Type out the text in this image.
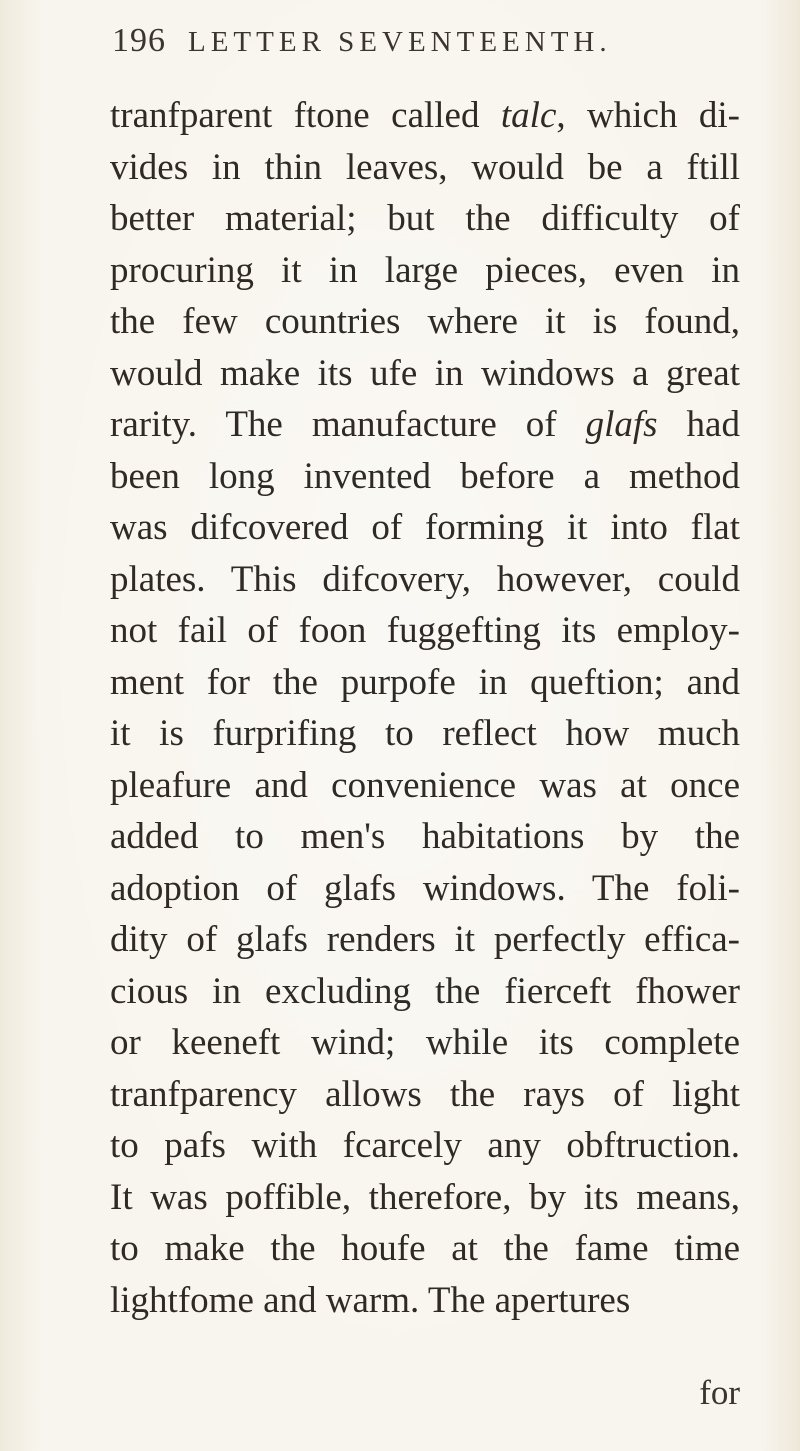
196 LETTER SEVENTEENTH.
tranfparent ftone called talc, which di-
vides in thin leaves, would be a ftill
better material; but the difficulty of
procuring it in large pieces, even in
the few countries where it is found,
would make its ufe in windows a great
rarity. The manufacture of glafs had
been long invented before a method
was difcovered of forming it into flat
plates. This difcovery, however, could
not fail of foon fuggefting its employ-
ment for the purpofe in queftion; and
it is furprifing to reflect how much
pleafure and convenience was at once
added to men's habitations by the
adoption of glafs windows. The foli-
dity of glafs renders it perfectly effica-
cious in excluding the fierceft fhower
or keeneft wind; while its complete
tranfparency allows the rays of light
to pafs with fcarcely any obftruction.
It was poffible, therefore, by its means,
to make the houfe at the fame time
lightfome and warm. The apertures
for
